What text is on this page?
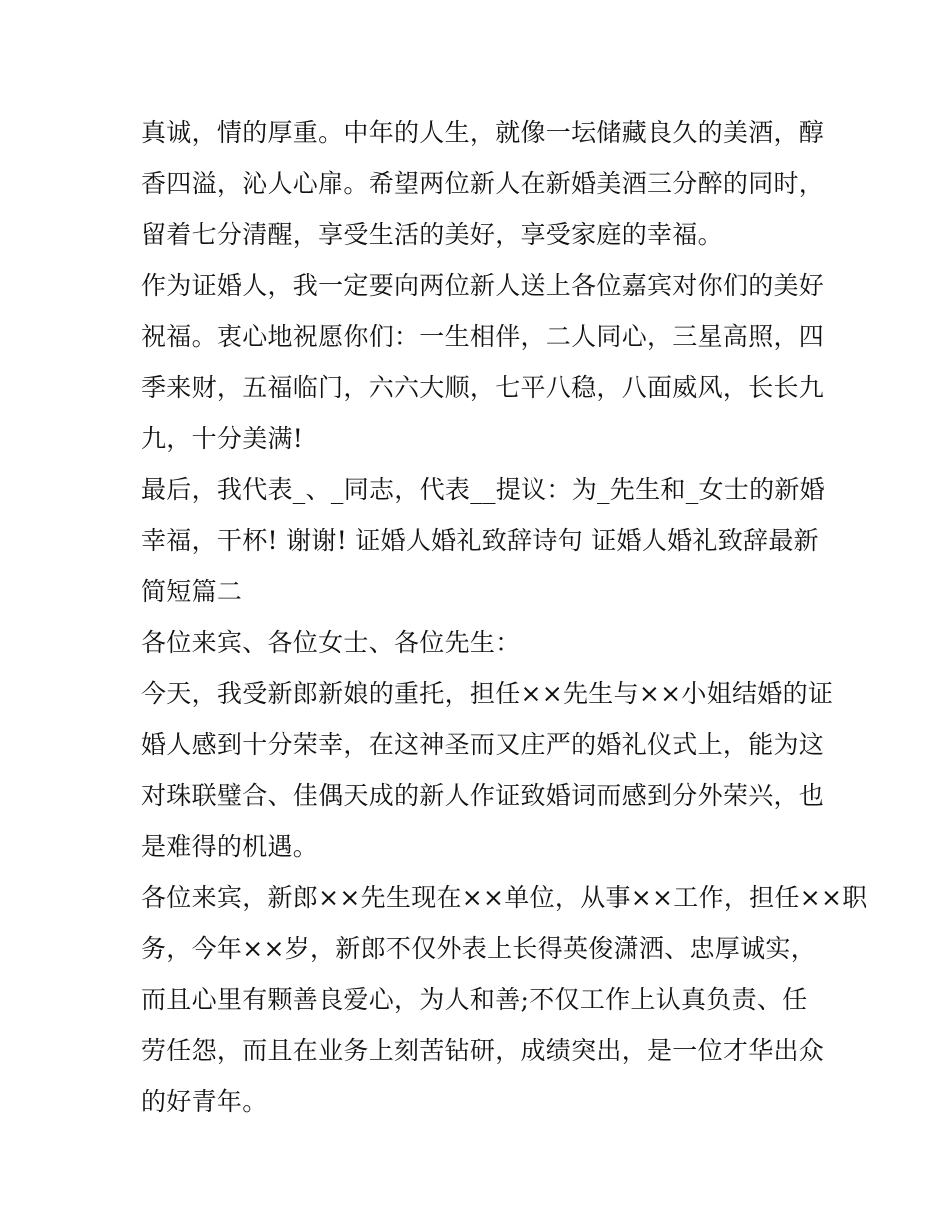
真诚，情的厚重。中年的人生，就像一坛储藏良久的美酒，醇
香四溢，沁人心扉。希望两位新人在新婚美酒三分醉的同时，
留着七分清醒，享受生活的美好，享受家庭的幸福。
作为证婚人，我一定要向两位新人送上各位嘉宾对你们的美好
祝福。衷心地祝愿你们：一生相伴，二人同心，三星高照，四
季来财，五福临门，六六大顺，七平八稳，八面威风，长长九
九，十分美满!
最后，我代表_、_同志，代表__提议：为_先生和_女士的新婚
幸福，干杯! 谢谢! 证婚人婚礼致辞诗句 证婚人婚礼致辞最新
简短篇二
各位来宾、各位女士、各位先生：
今天，我受新郎新娘的重托，担任××先生与××小姐结婚的证
婚人感到十分荣幸，在这神圣而又庄严的婚礼仪式上，能为这
对珠联璧合、佳偶天成的新人作证致婚词而感到分外荣兴，也
是难得的机遇。
各位来宾，新郎××先生现在××单位，从事××工作，担任××职
务，今年××岁，新郎不仅外表上长得英俊潇洒、忠厚诚实，
而且心里有颗善良爱心，为人和善;不仅工作上认真负责、任
劳任怨，而且在业务上刻苦钻研，成绩突出，是一位才华出众
的好青年。
